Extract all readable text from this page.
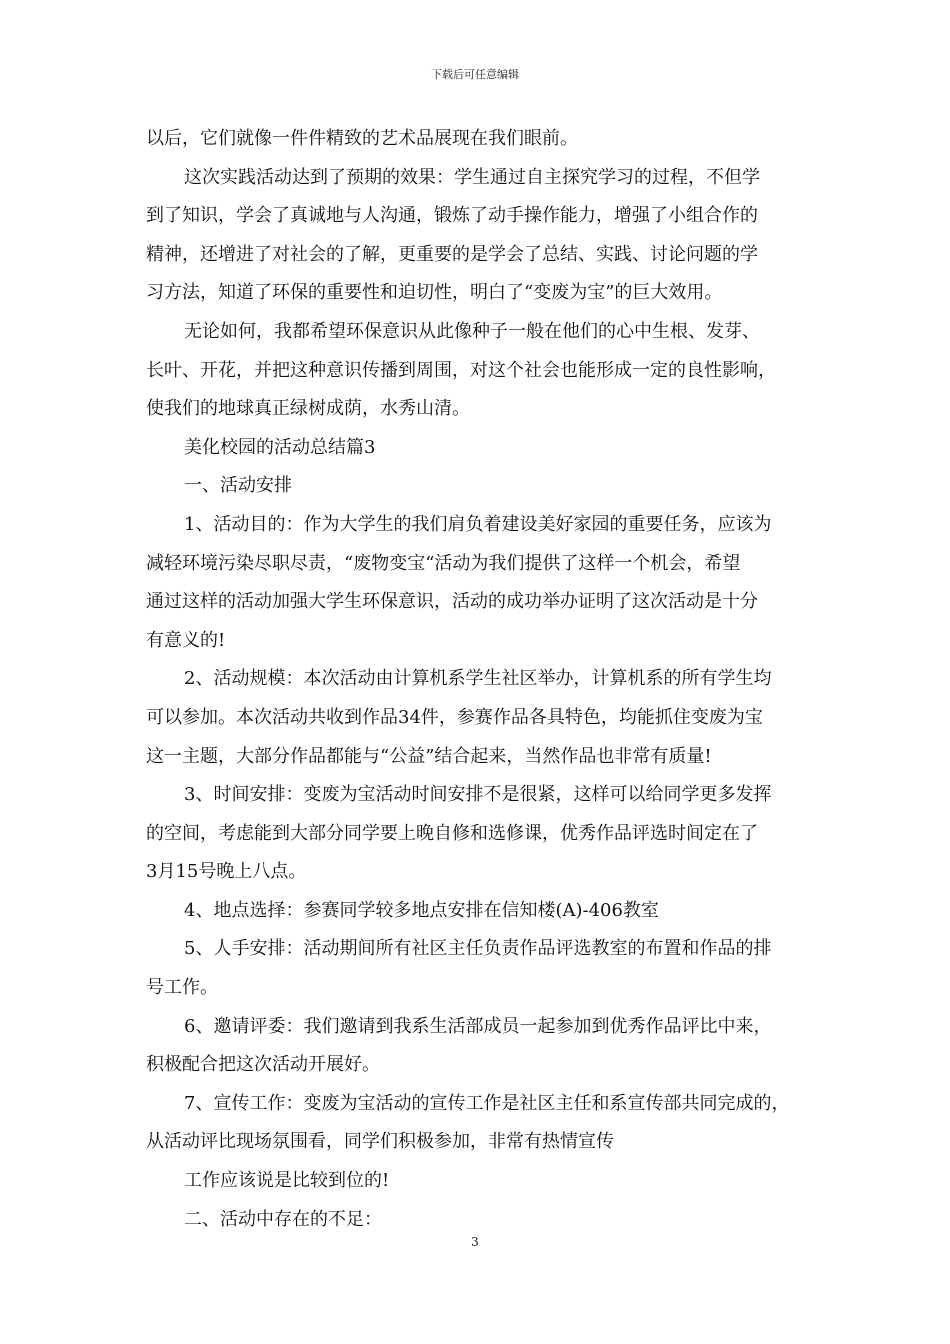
下载后可任意编辑
以后，它们就像一件件精致的艺术品展现在我们眼前。
这次实践活动达到了预期的效果：学生通过自主探究学习的过程，不但学
到了知识，学会了真诚地与人沟通，锻炼了动手操作能力，增强了小组合作的
精神，还增进了对社会的了解，更重要的是学会了总结、实践、讨论问题的学
习方法，知道了环保的重要性和迫切性，明白了“变废为宝”的巨大效用。
无论如何，我都希望环保意识从此像种子一般在他们的心中生根、发芽、
长叶、开花，并把这种意识传播到周围，对这个社会也能形成一定的良性影响，
使我们的地球真正绿树成荫，水秀山清。
美化校园的活动总结篇3
一、活动安排
1、活动目的：作为大学生的我们肩负着建设美好家园的重要任务，应该为
减轻环境污染尽职尽责，“废物变宝“活动为我们提供了这样一个机会，希望
通过这样的活动加强大学生环保意识，活动的成功举办证明了这次活动是十分
有意义的!
2、活动规模：本次活动由计算机系学生社区举办，计算机系的所有学生均
可以参加。本次活动共收到作品34件，参赛作品各具特色，均能抓住变废为宝
这一主题，大部分作品都能与“公益”结合起来，当然作品也非常有质量!
3、时间安排：变废为宝活动时间安排不是很紧，这样可以给同学更多发挥
的空间，考虑能到大部分同学要上晚自修和选修课，优秀作品评选时间定在了
3月15号晚上八点。
4、地点选择：参赛同学较多地点安排在信知楼(A)-406教室
5、人手安排：活动期间所有社区主任负责作品评选教室的布置和作品的排
号工作。
6、邀请评委：我们邀请到我系生活部成员一起参加到优秀作品评比中来，
积极配合把这次活动开展好。
7、宣传工作：变废为宝活动的宣传工作是社区主任和系宣传部共同完成的，
从活动评比现场氛围看，同学们积极参加，非常有热情宣传
工作应该说是比较到位的!
二、活动中存在的不足：
3
